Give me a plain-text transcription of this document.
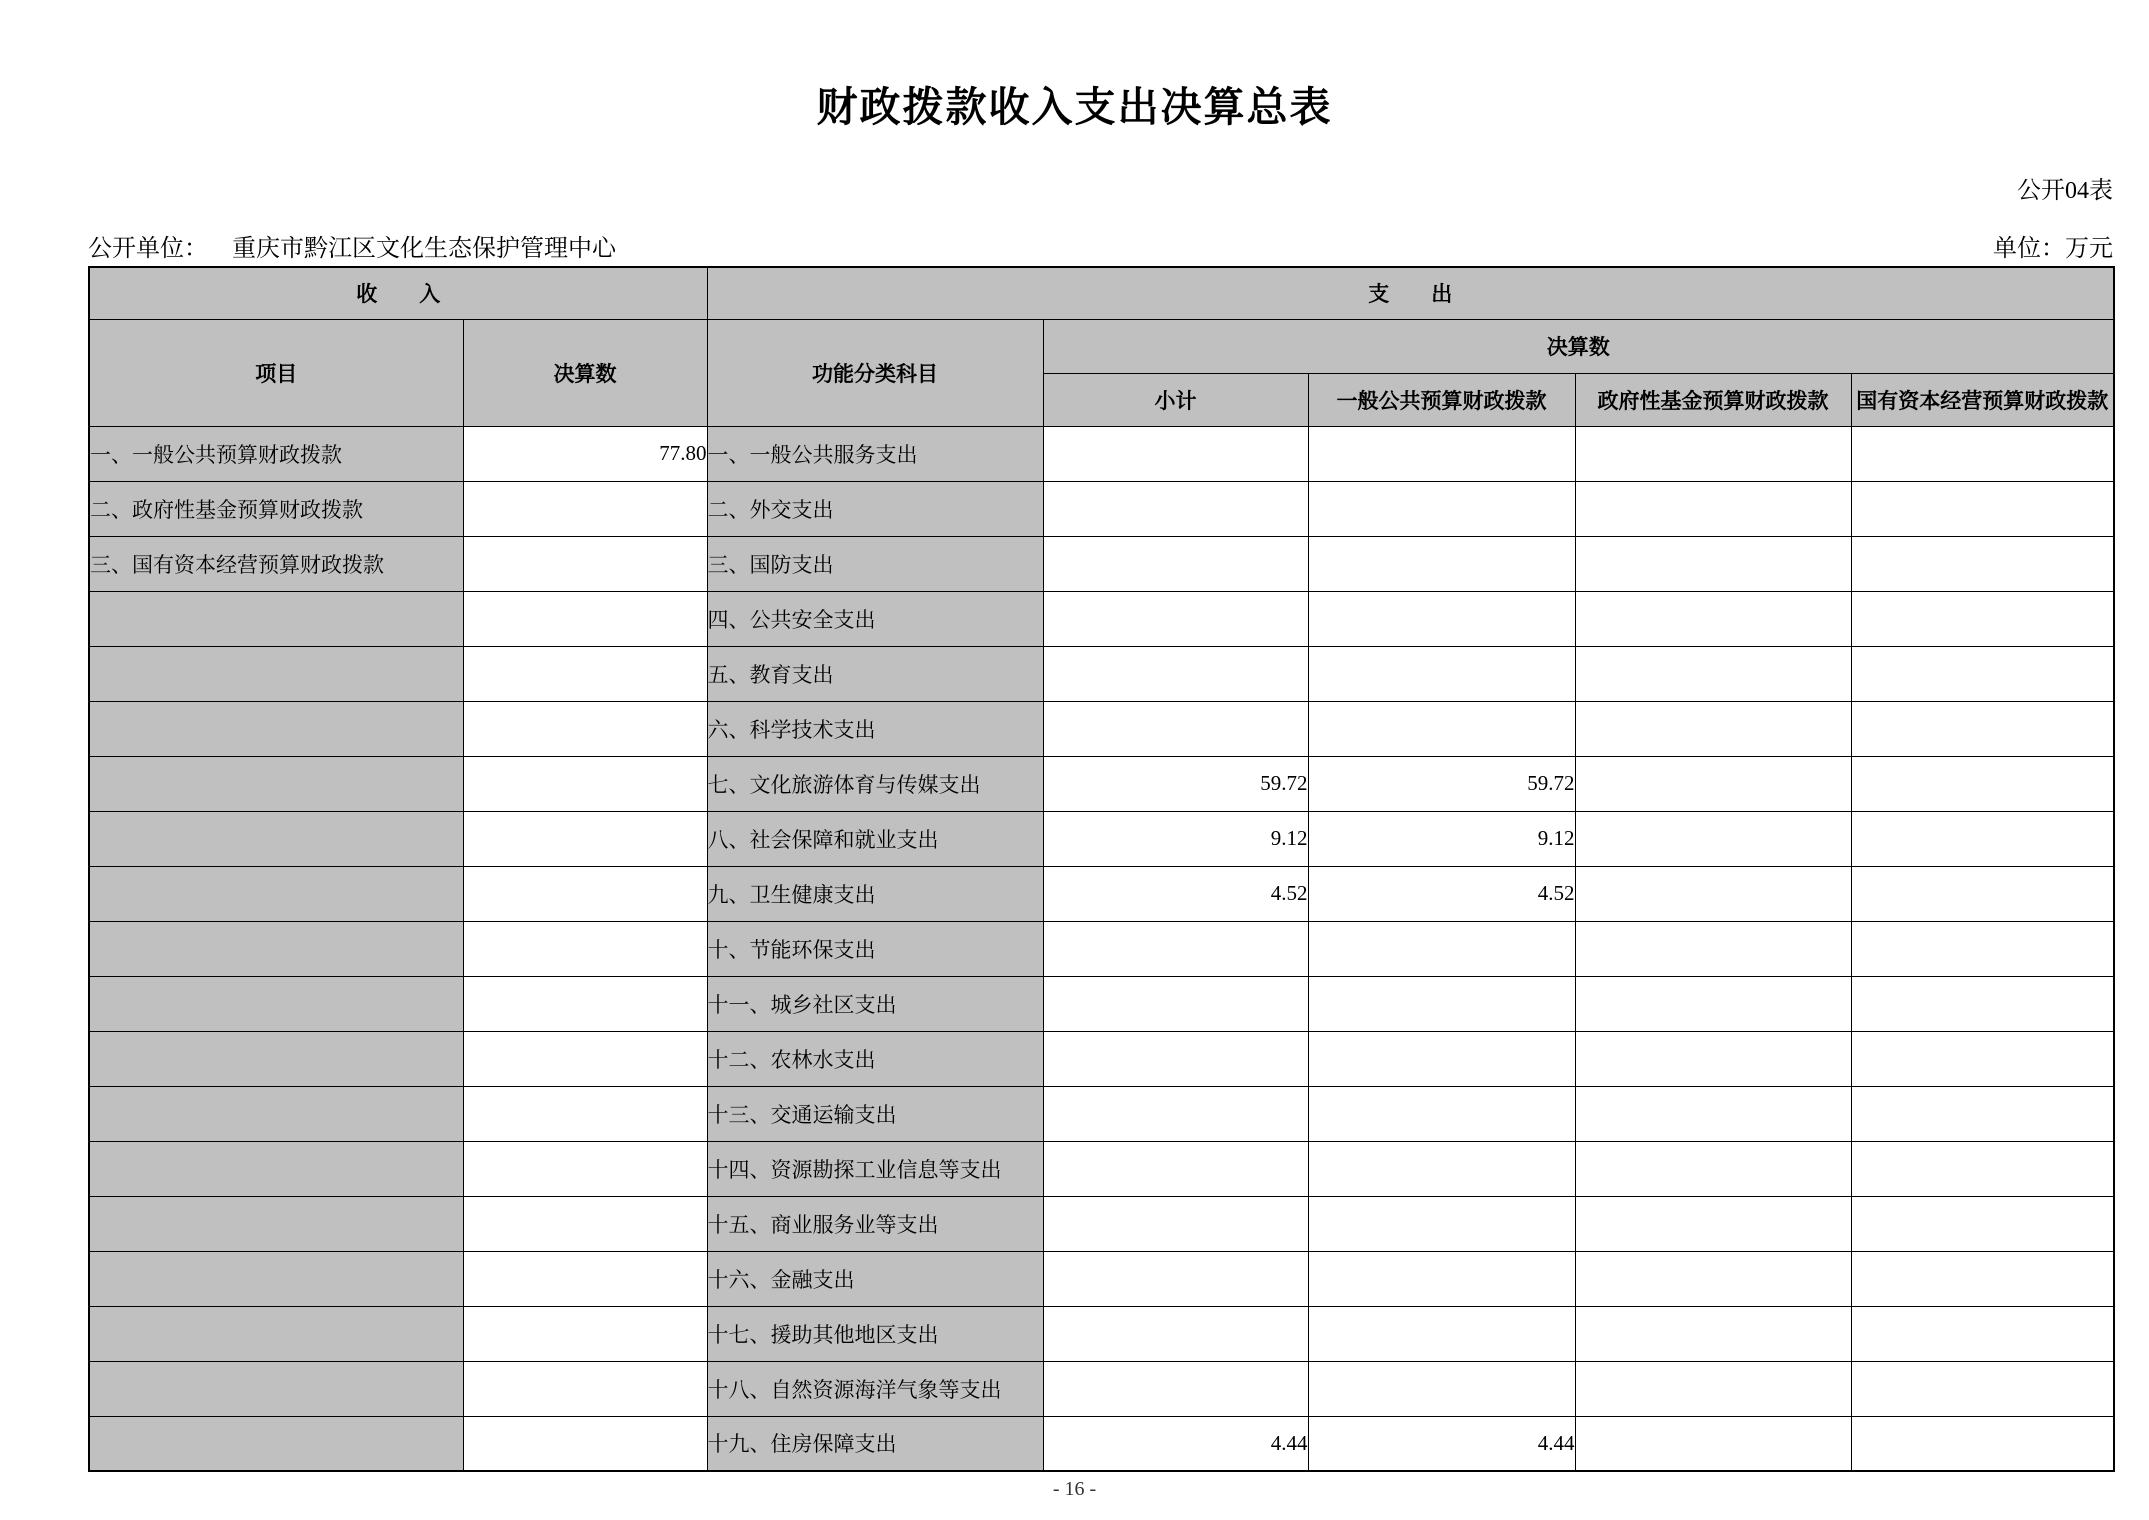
财政拨款收入支出决算总表
公开04表
公开单位： 重庆市黔江区文化生态保护管理中心	单位：万元
收　　入		支　　出				
项目	决算数	功能分类科目	决算数			
			小计	一般公共预算财政拨款	政府性基金预算财政拨款	国有资本经营预算财政拨款
一、一般公共预算财政拨款	77.80	一、一般公共服务支出				
二、政府性基金预算财政拨款		二、外交支出				
三、国有资本经营预算财政拨款		三、国防支出				
		四、公共安全支出				
		五、教育支出				
		六、科学技术支出				
		七、文化旅游体育与传媒支出	59.72	59.72		
		八、社会保障和就业支出	9.12	9.12		
		九、卫生健康支出	4.52	4.52		
		十、节能环保支出				
		十一、城乡社区支出				
		十二、农林水支出				
		十三、交通运输支出				
		十四、资源勘探工业信息等支出				
		十五、商业服务业等支出				
		十六、金融支出				
		十七、援助其他地区支出				
		十八、自然资源海洋气象等支出				
		十九、住房保障支出	4.44	4.44		
- 16 -
